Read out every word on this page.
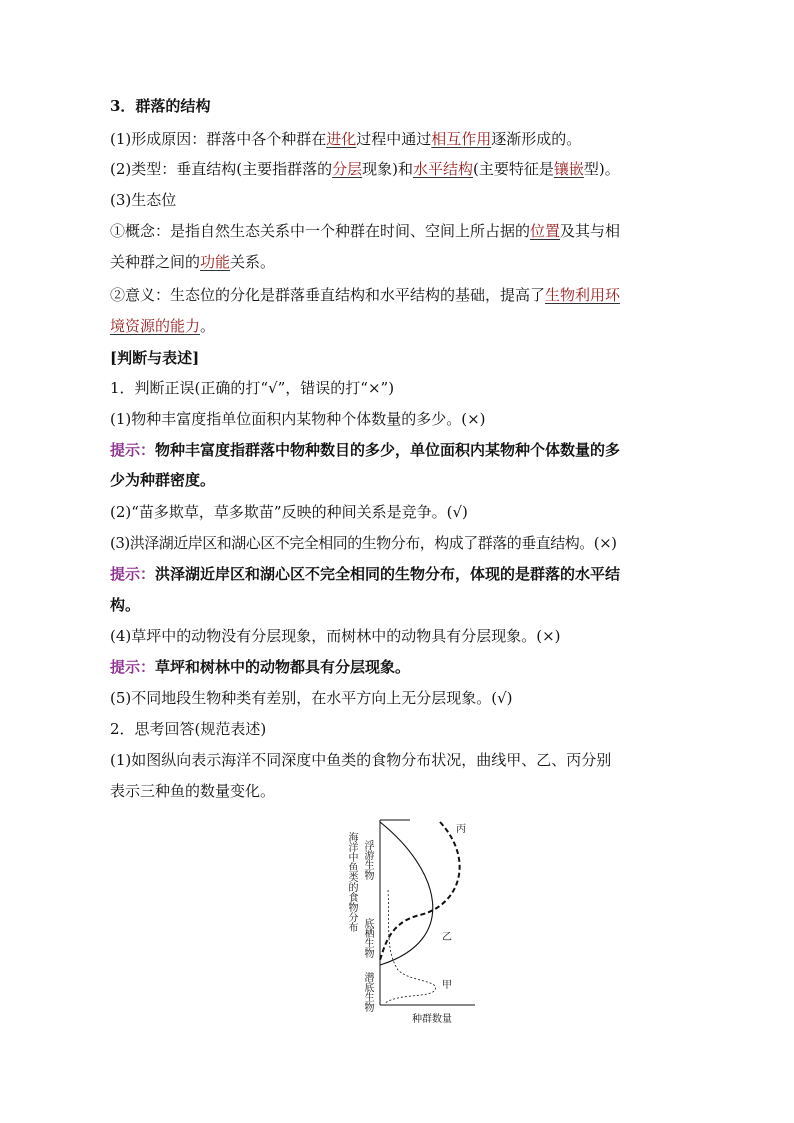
3．群落的结构
(1)形成原因：群落中各个种群在进化过程中通过相互作用逐渐形成的。
(2)类型：垂直结构(主要指群落的分层现象)和水平结构(主要特征是镶嵌型)。
(3)生态位
①概念：是指自然生态关系中一个种群在时间、空间上所占据的位置及其与相
关种群之间的功能关系。
②意义：生态位的分化是群落垂直结构和水平结构的基础，提高了生物利用环
境资源的能力。
[判断与表述]
1．判断正误(正确的打“√”，错误的打“×”)
(1)物种丰富度指单位面积内某物种个体数量的多少。(×)
提示：物种丰富度指群落中物种数目的多少，单位面积内某物种个体数量的多
少为种群密度。
(2)“苗多欺草，草多欺苗”反映的种间关系是竞争。(√)
(3)洪泽湖近岸区和湖心区不完全相同的生物分布，构成了群落的垂直结构。(×)
提示：洪泽湖近岸区和湖心区不完全相同的生物分布，体现的是群落的水平结
构。
(4)草坪中的动物没有分层现象，而树林中的动物具有分层现象。(×)
提示：草坪和树林中的动物都具有分层现象。
(5)不同地段生物种类有差别，在水平方向上无分层现象。(√)
2．思考回答(规范表述)
(1)如图纵向表示海洋不同深度中鱼类的食物分布状况，曲线甲、乙、丙分别
表示三种鱼的数量变化。
海洋中鱼类的食物分布 浮游生物
底栖生物
潜底生物
丙
乙
甲
种群数量
